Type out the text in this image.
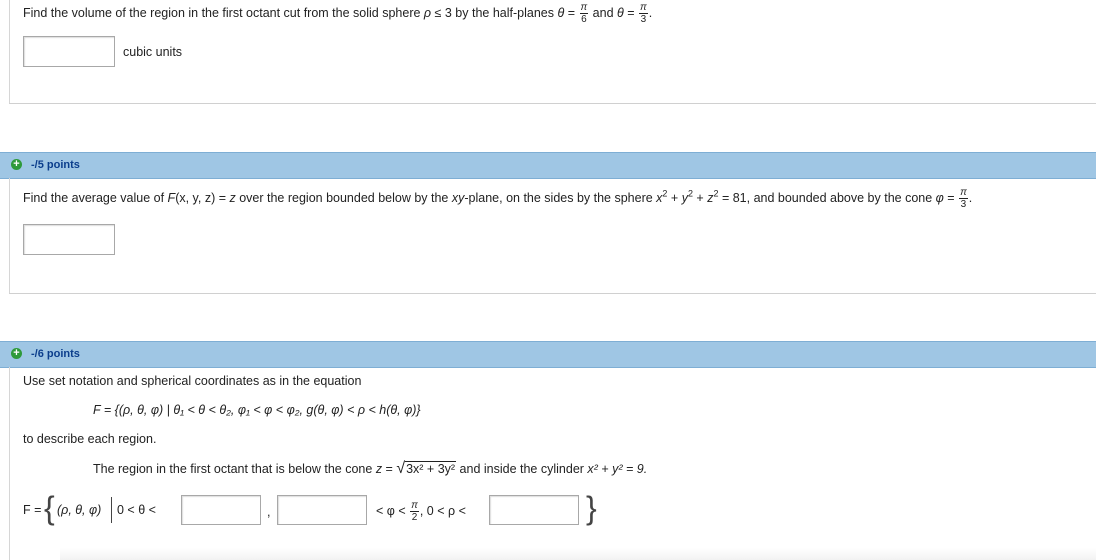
Find the volume of the region in the first octant cut from the solid sphere ρ ≤ 3 by the half-planes $\theta = \frac{\pi}{6}$ and $\theta = \frac{\pi}{3}$ .
cubic units
+ -/5 points
Find the average value of F(x, y, z) = z over the region bounded below by the xy-plane, on the sides by the sphere $x^2 + y^2 + z^2 = 81$, and bounded above by the cone $\varphi = \frac{\pi}{3}$ .
+ -/6 points
Use set notation and spherical coordinates as in the equation
F = {(ρ, θ, φ) | θ₁ < θ < θ₂, φ₁ < φ < φ₂, g(θ, φ) < ρ < h(θ, φ)}
to describe each region.
The region in the first octant that is below the cone z = √3x² + 3y² and inside the cylinder x² + y² = 9.
F = { (ρ, θ, φ) 0 < θ <	,	< $\varphi < \frac{\pi}{2}$ , 0 < ρ <	}
